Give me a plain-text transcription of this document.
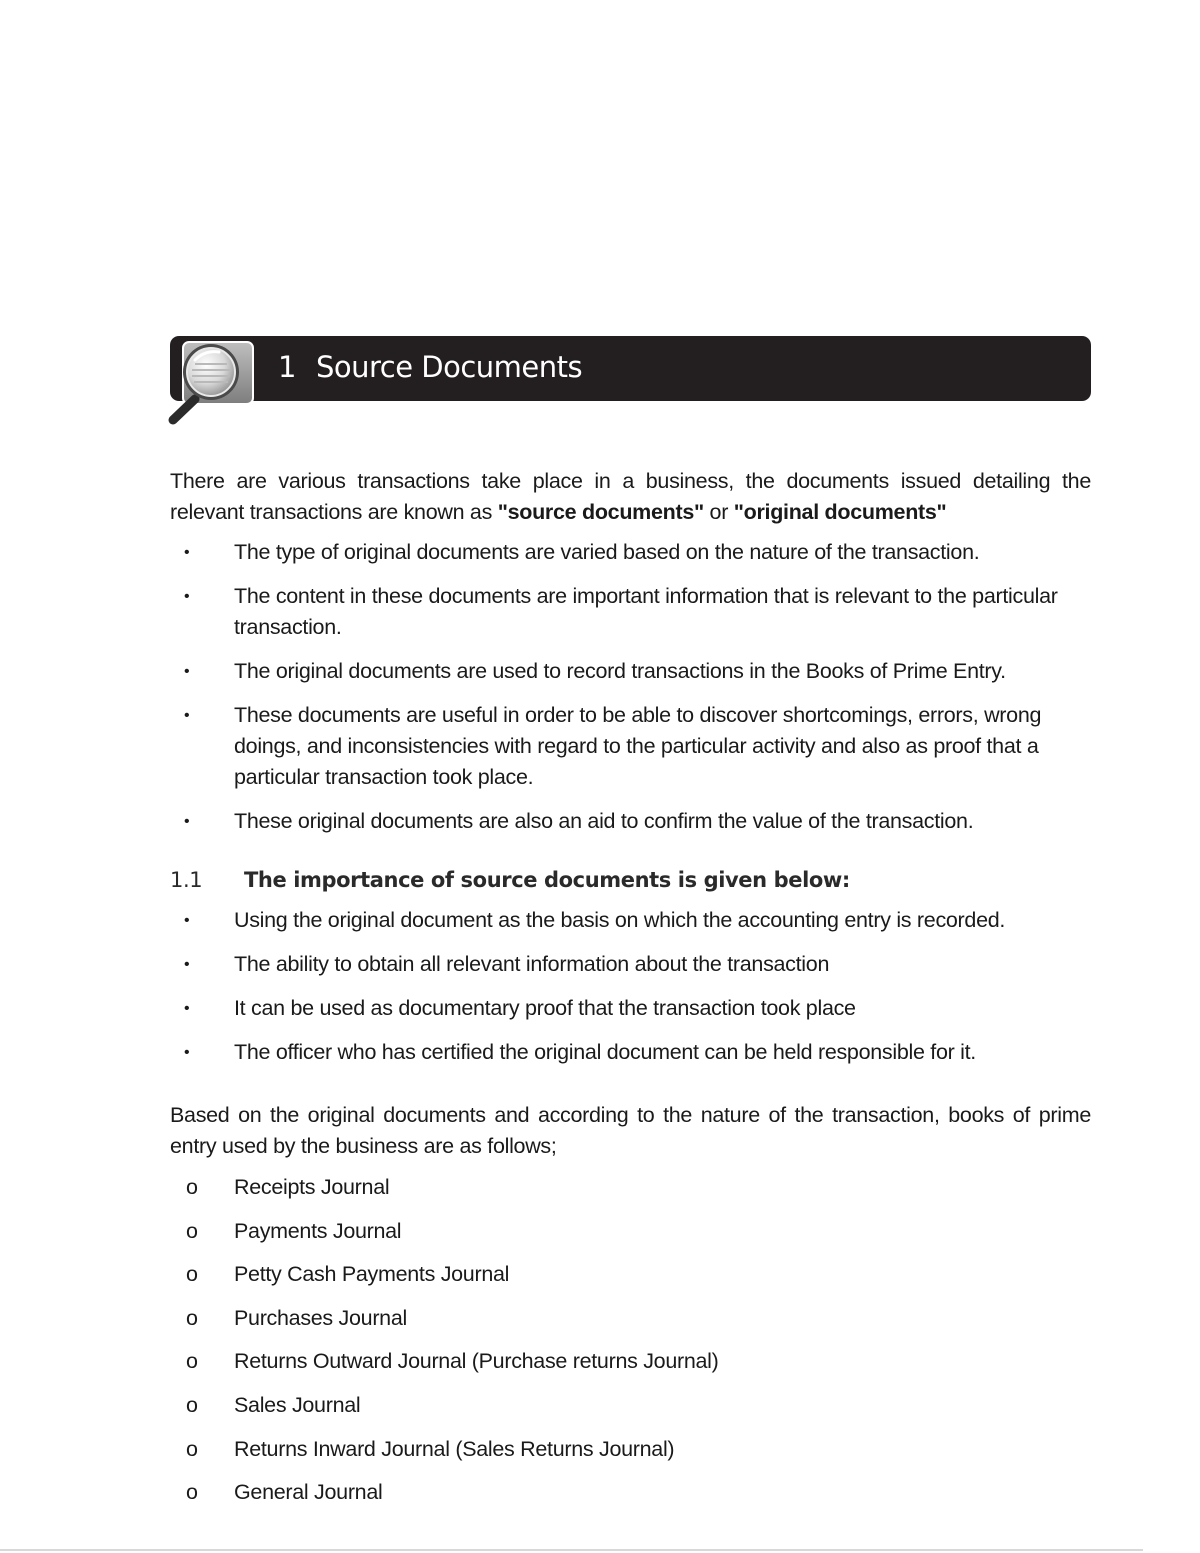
1 Source Documents

There are various transactions take place in a business, the documents issued detailing the relevant transactions are known as "source documents" or "original documents"

• The type of original documents are varied based on the nature of the transaction.
• The content in these documents are important information that is relevant to the particular transaction.
• The original documents are used to record transactions in the Books of Prime Entry.
• These documents are useful in order to be able to discover shortcomings, errors, wrong doings, and inconsistencies with regard to the particular activity and also as proof that a particular transaction took place.
• These original documents are also an aid to confirm the value of the transaction.
1.1 The importance of source documents is given below:
• Using the original document as the basis on which the accounting entry is recorded.
• The ability to obtain all relevant information about the transaction
• It can be used as documentary proof that the transaction took place
• The officer who has certified the original document can be held responsible for it.

Based on the original documents and according to the nature of the transaction, books of prime entry used by the business are as follows;

o Receipts Journal
o Payments Journal
o Petty Cash Payments Journal
o Purchases Journal
o Returns Outward Journal (Purchase returns Journal)
o Sales Journal
o Returns Inward Journal (Sales Returns Journal)
o General Journal
